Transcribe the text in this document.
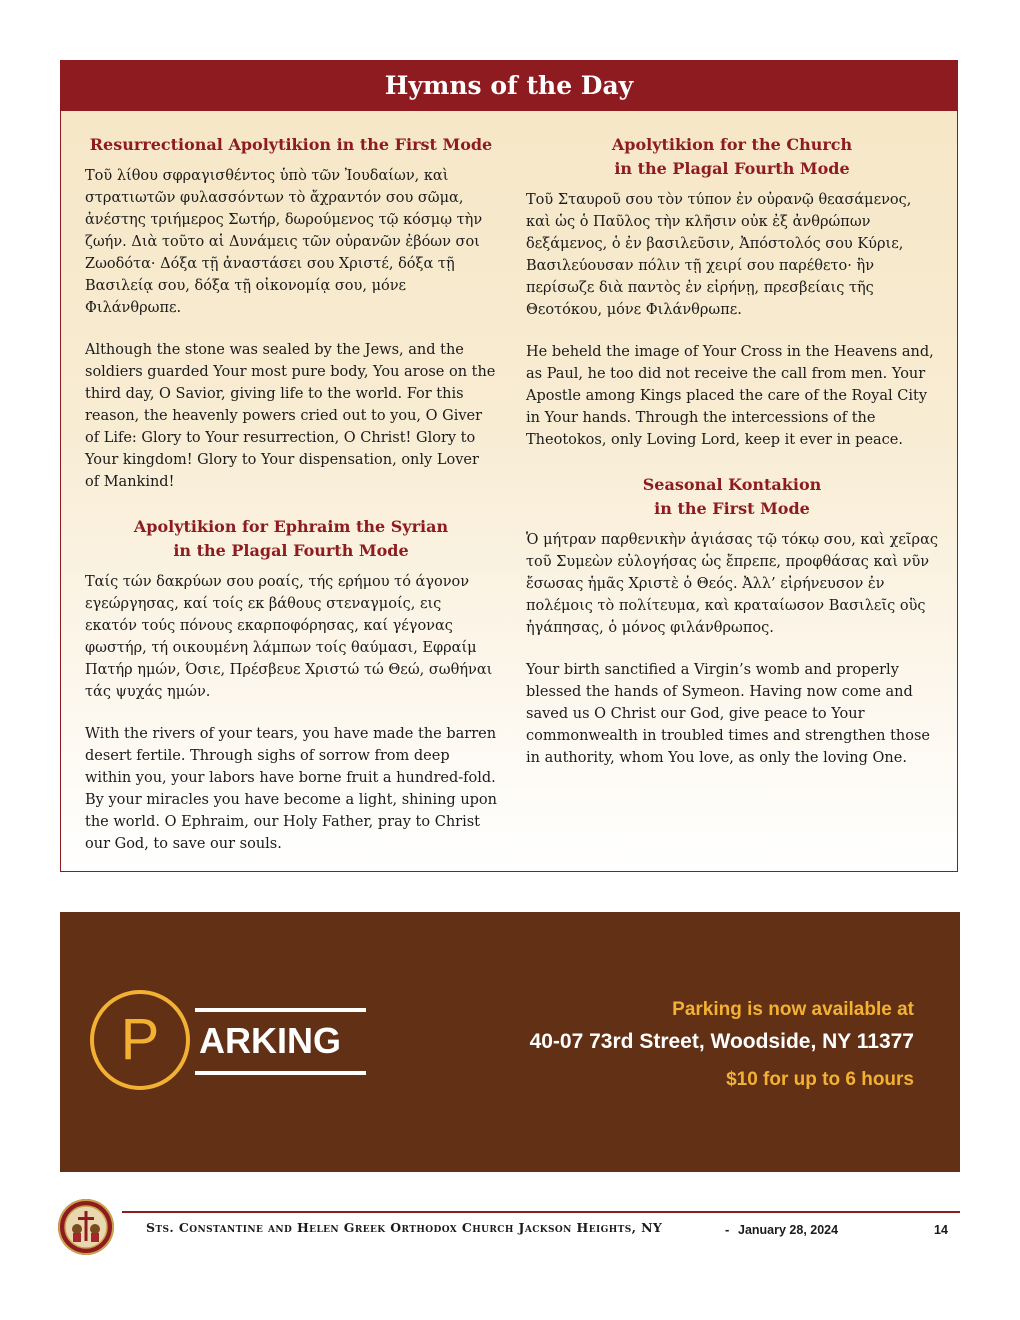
Hymns of the Day
Resurrectional Apolytikion in the First Mode

Τοῦ λίθου σφραγισθέντος ὑπὸ τῶν Ἰουδαίων, καὶ στρατιωτῶν φυλασσόντων τὸ ἄχραντόν σου σῶμα, ἀνέστης τριήμερος Σωτήρ, δωρούμενος τῷ κόσμῳ τὴν ζωήν. Διὰ τοῦτο αἱ Δυνάμεις τῶν οὐρανῶν ἐβόων σοι Ζωοδότα· Δόξα τῇ ἀναστάσει σου Χριστέ, δόξα τῇ Βασιλείᾳ σου, δόξα τῇ οἰκονομίᾳ σου, μόνε Φιλάνθρωπε.

Although the stone was sealed by the Jews, and the soldiers guarded Your most pure body, You arose on the third day, O Savior, giving life to the world. For this reason, the heavenly powers cried out to you, O Giver of Life: Glory to Your resurrection, O Christ! Glory to Your kingdom! Glory to Your dispensation, only Lover of Mankind!

Apolytikion for Ephraim the Syrian
in the Plagal Fourth Mode

Ταίς τών δακρύων σου ροαίς, τής ερήμου τό άγονον εγεώργησας, καί τοίς εκ βάθους στεναγμοίς, εις εκατόν τούς πόνους εκαρποφόρησας, καί γέγονας φωστήρ, τή οικουμένη λάμπων τοίς θαύμασι, Εφραίμ Πατήρ ημών, Όσιε, Πρέσβευε Χριστώ τώ Θεώ, σωθήναι τάς ψυχάς ημών.

With the rivers of your tears, you have made the barren desert fertile. Through sighs of sorrow from deep within you, your labors have borne fruit a hundred-fold. By your miracles you have become a light, shining upon the world. O Ephraim, our Holy Father, pray to Christ our God, to save our souls.

Apolytikion for the Church
in the Plagal Fourth Mode

Τοῦ Σταυροῦ σου τὸν τύπον ἐν οὐρανῷ θεασάμενος, καὶ ὡς ὁ Παῦλος τὴν κλῆσιν οὐκ ἐξ ἀνθρώπων δεξάμενος, ὁ ἐν βασιλεῦσιν, Ἀπόστολός σου Κύριε, Βασιλεύουσαν πόλιν τῇ χειρί σου παρέθετο· ἣν περίσωζε διὰ παντὸς ἐν εἰρήνῃ, πρεσβείαις τῆς Θεοτόκου, μόνε Φιλάνθρωπε.

He beheld the image of Your Cross in the Heavens and, as Paul, he too did not receive the call from men. Your Apostle among Kings placed the care of the Royal City in Your hands. Through the intercessions of the Theotokos, only Loving Lord, keep it ever in peace.

Seasonal Kontakion
in the First Mode

Ὁ μήτραν παρθενικὴν ἁγιάσας τῷ τόκῳ σου, καὶ χεῖρας τοῦ Συμεὼν εὐλογήσας ὡς ἔπρεπε, προφθάσας καὶ νῦν ἔσωσας ἡμᾶς Χριστὲ ὁ Θεός. Ἀλλ’ εἰρήνευσον ἐν πολέμοις τὸ πολίτευμα, καὶ κραταίωσον Βασιλεῖς οὓς ἠγάπησας, ὁ μόνος φιλάνθρωπος.

Your birth sanctified a Virgin’s womb and properly blessed the hands of Symeon. Having now come and saved us O Christ our God, give peace to Your commonwealth in troubled times and strengthen those in authority, whom You love, as only the loving One.

P	ARKING
Parking is now available at
40-07 73rd Street, Woodside, NY 11377
$10 for up to 6 hours
Sts. Constantine and Helen Greek Orthodox Church Jackson Heights, NY	- January 28, 2024	14
